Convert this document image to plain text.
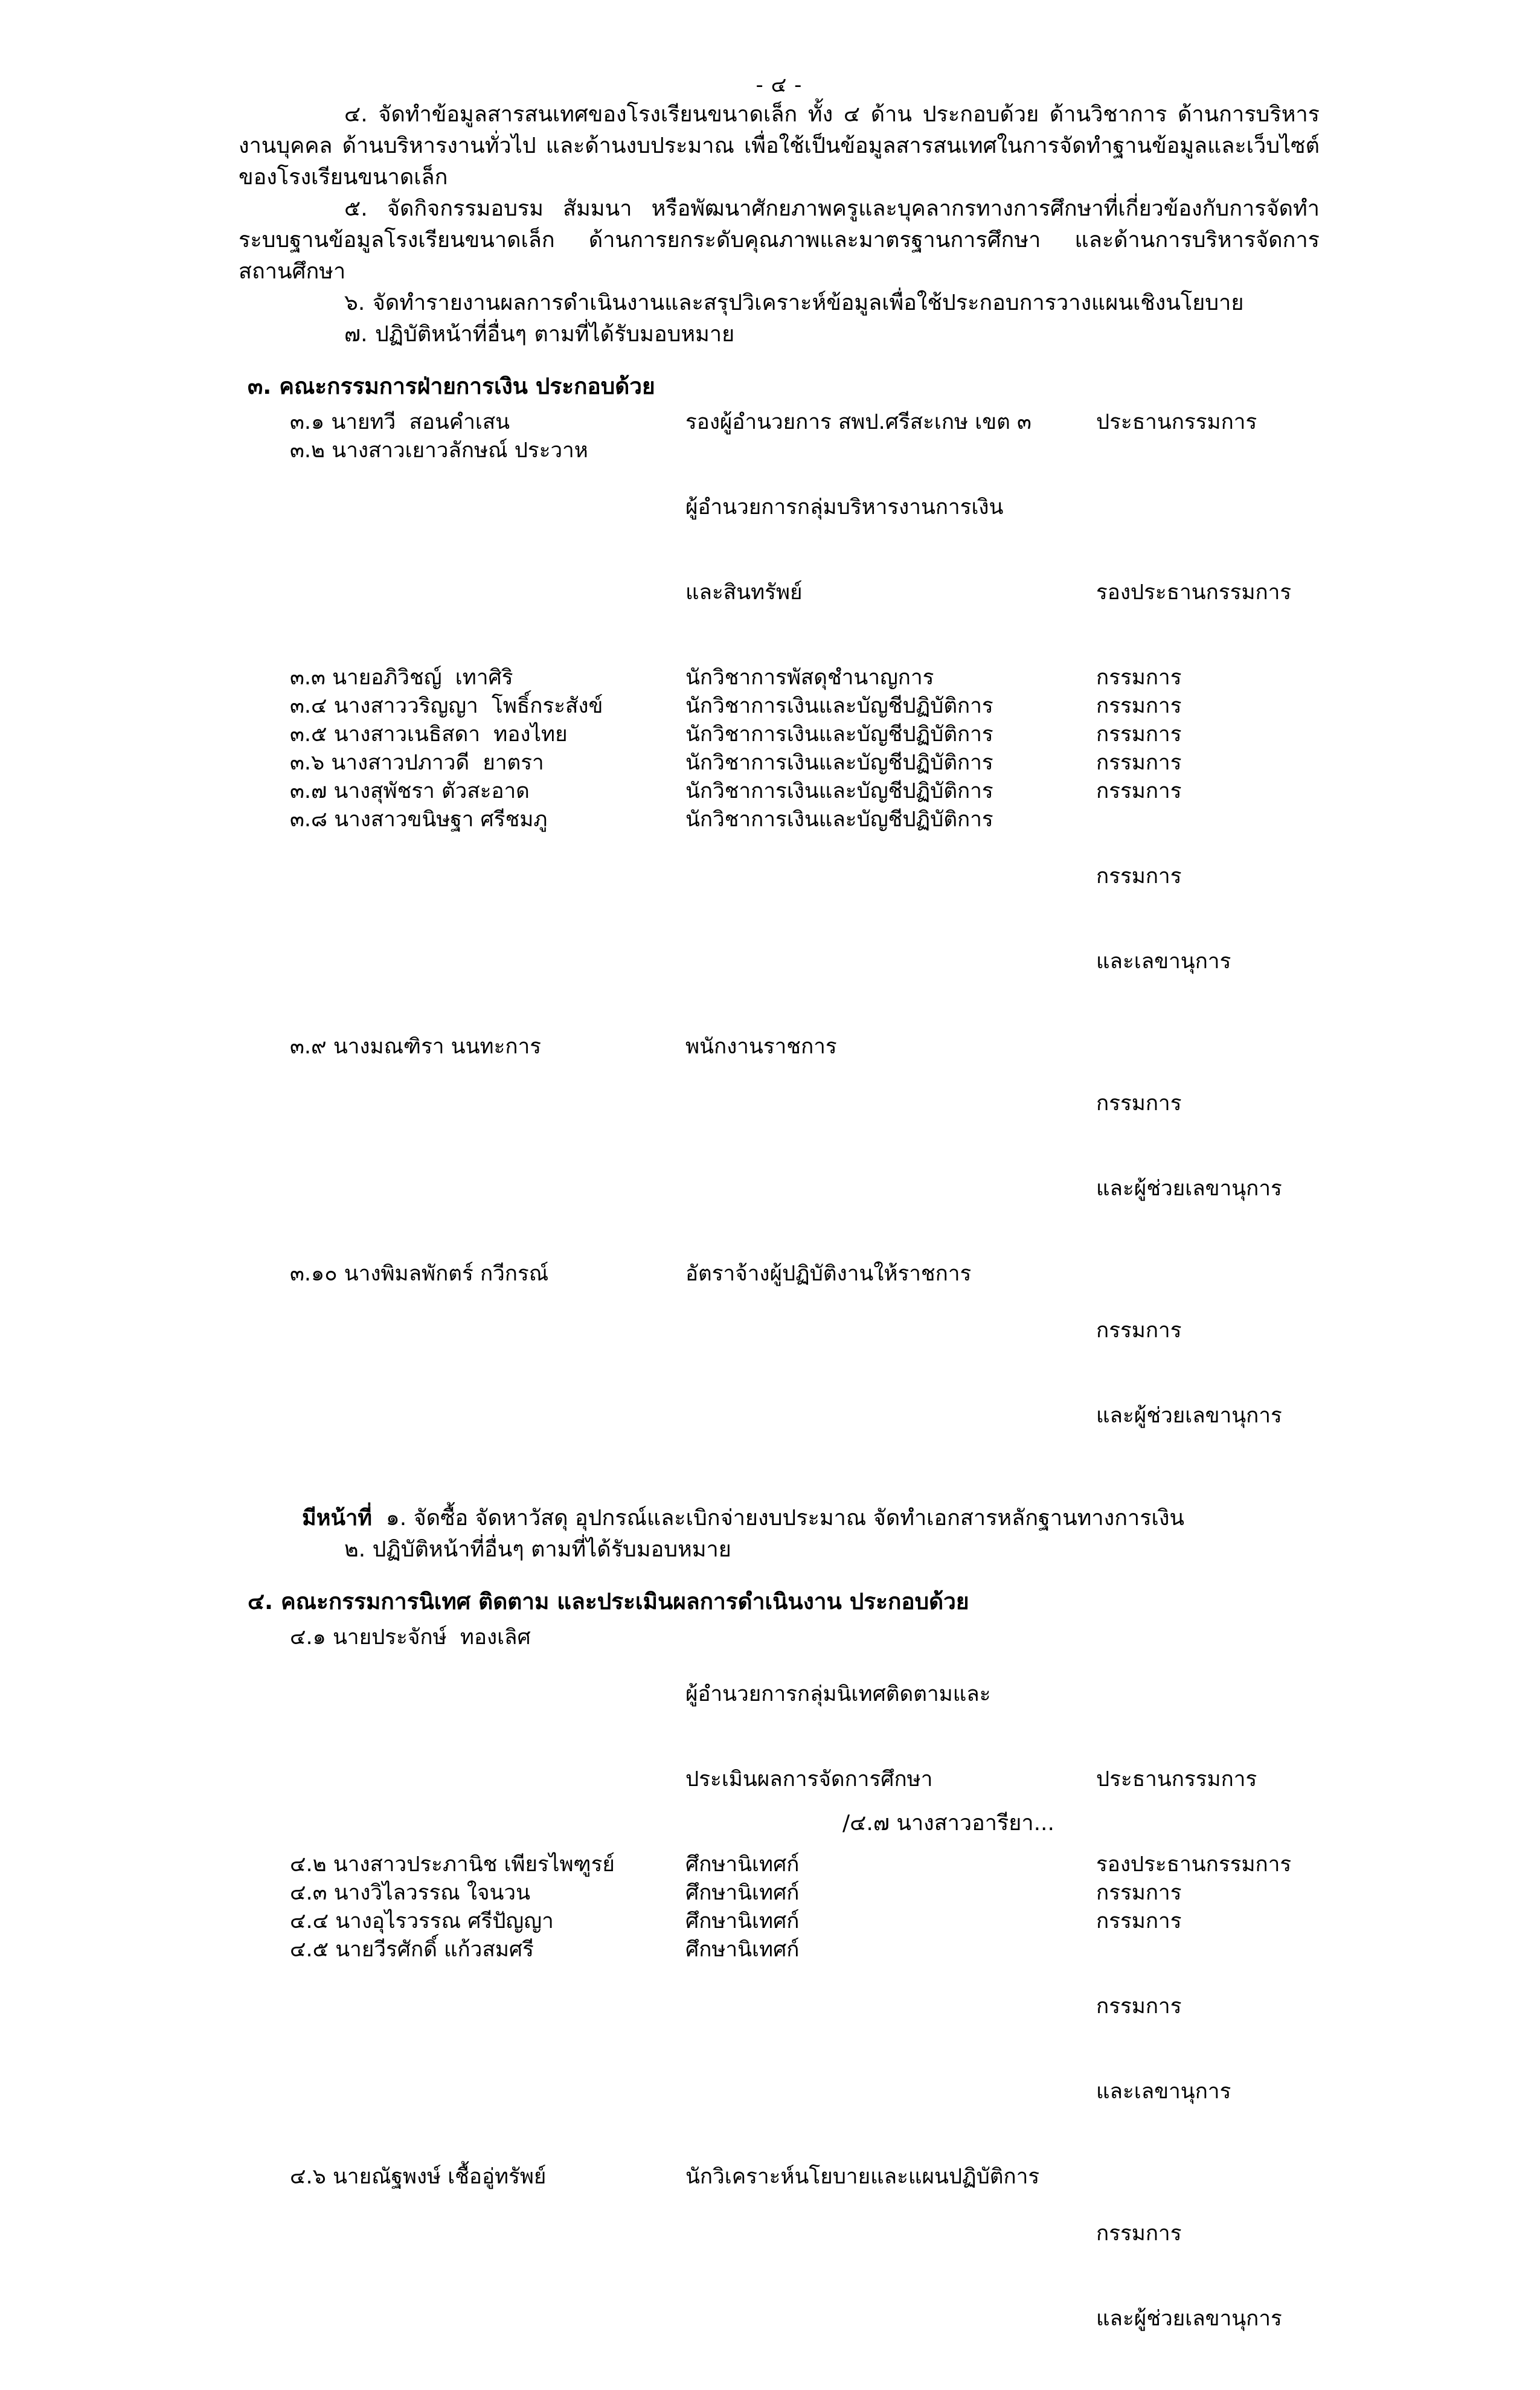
- ๔ -
๔. จัดทำข้อมูลสารสนเทศของโรงเรียนขนาดเล็ก ทั้ง ๔ ด้าน ประกอบด้วย ด้านวิชาการ ด้านการบริหารงานบุคคล ด้านบริหารงานทั่วไป และด้านงบประมาณ เพื่อใช้เป็นข้อมูลสารสนเทศในการจัดทำฐานข้อมูลและเว็บไซต์ของโรงเรียนขนาดเล็ก
๕. จัดกิจกรรมอบรม สัมมนา หรือพัฒนาศักยภาพครูและบุคลากรทางการศึกษาที่เกี่ยวข้องกับการจัดทำระบบฐานข้อมูลโรงเรียนขนาดเล็ก ด้านการยกระดับคุณภาพและมาตรฐานการศึกษา และด้านการบริหารจัดการสถานศึกษา
๖. จัดทำรายงานผลการดำเนินงานและสรุปวิเคราะห์ข้อมูลเพื่อใช้ประกอบการวางแผนเชิงนโยบาย
๗. ปฏิบัติหน้าที่อื่นๆ ตามที่ได้รับมอบหมาย
๓. คณะกรรมการฝ่ายการเงิน ประกอบด้วย
๓.๑ นายทวี  สอนคำเสน	รองผู้อำนวยการ สพป.ศรีสะเกษ เขต ๓	ประธานกรรมการ
๓.๒ นางสาวเยาวลักษณ์ ประวาห	ผู้อำนวยการกลุ่มบริหารงานการเงิน

และสินทรัพย์	รองประธานกรรมการ

๓.๓ นายอภิวิชญ์  เทาศิริ	นักวิชาการพัสดุชำนาญการ	กรรมการ
๓.๔ นางสาววริญญา  โพธิ์กระสังข์	นักวิชาการเงินและบัญชีปฏิบัติการ	กรรมการ
๓.๕ นางสาวเนธิสดา  ทองไทย	นักวิชาการเงินและบัญชีปฏิบัติการ	กรรมการ
๓.๖ นางสาวปภาวดี  ยาตรา	นักวิชาการเงินและบัญชีปฏิบัติการ	กรรมการ
๓.๗ นางสุพัชรา ตัวสะอาด	นักวิชาการเงินและบัญชีปฏิบัติการ	กรรมการ
๓.๘ นางสาวขนิษฐา ศรีชมภู	นักวิชาการเงินและบัญชีปฏิบัติการ	กรรมการ

และเลขานุการ

๓.๙ นางมณฑิรา นนทะการ	พนักงานราชการ	กรรมการ

และผู้ช่วยเลขานุการ

๓.๑๐ นางพิมลพักตร์ กวีกรณ์	อัตราจ้างผู้ปฏิบัติงานให้ราชการ	กรรมการ

และผู้ช่วยเลขานุการ

มีหน้าที่ ๑. จัดซื้อ จัดหาวัสดุ อุปกรณ์และเบิกจ่ายงบประมาณ จัดทำเอกสารหลักฐานทางการเงิน
๒. ปฏิบัติหน้าที่อื่นๆ ตามที่ได้รับมอบหมาย
๔. คณะกรรมการนิเทศ ติดตาม และประเมินผลการดำเนินงาน ประกอบด้วย
๔.๑ นายประจักษ์  ทองเลิศ	ผู้อำนวยการกลุ่มนิเทศติดตามและ

ประเมินผลการจัดการศึกษา	ประธานกรรมการ

๔.๒ นางสาวประภานิช เพียรไพฑูรย์	ศึกษานิเทศก์	รองประธานกรรมการ
๔.๓ นางวิไลวรรณ ใจนวน	ศึกษานิเทศก์	กรรมการ
๔.๔ นางอุไรวรรณ ศรีปัญญา	ศึกษานิเทศก์	กรรมการ
๔.๕ นายวีรศักดิ์ แก้วสมศรี	ศึกษานิเทศก์	กรรมการ

และเลขานุการ

๔.๖ นายณัฐพงษ์ เชื้ออู่ทรัพย์	นักวิเคราะห์นโยบายและแผนปฏิบัติการ	กรรมการ

และผู้ช่วยเลขานุการ

/๔.๗ นางสาวอารียา...
